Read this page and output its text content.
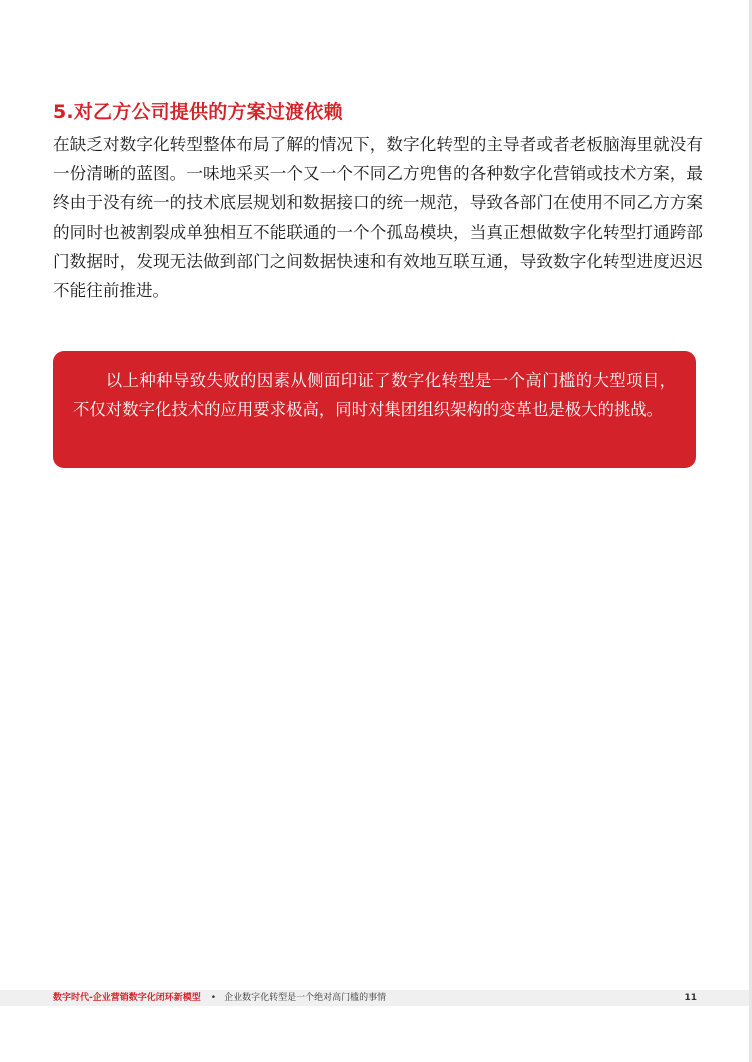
5.对乙方公司提供的方案过渡依赖

在缺乏对数字化转型整体布局了解的情况下，数字化转型的主导者或者老板脑海里就没有一份清晰的蓝图。一味地采买一个又一个不同乙方兜售的各种数字化营销或技术方案，最终由于没有统一的技术底层规划和数据接口的统一规范，导致各部门在使用不同乙方方案的同时也被割裂成单独相互不能联通的一个个孤岛模块，当真正想做数字化转型打通跨部门数据时，发现无法做到部门之间数据快速和有效地互联互通，导致数字化转型进度迟迟不能往前推进。

以上种种导致失败的因素从侧面印证了数字化转型是一个高门槛的大型项目，不仅对数字化技术的应用要求极高，同时对集团组织架构的变革也是极大的挑战。

数字时代-企业营销数字化闭环新模型 • 企业数字化转型是一个绝对高门槛的事情	11
